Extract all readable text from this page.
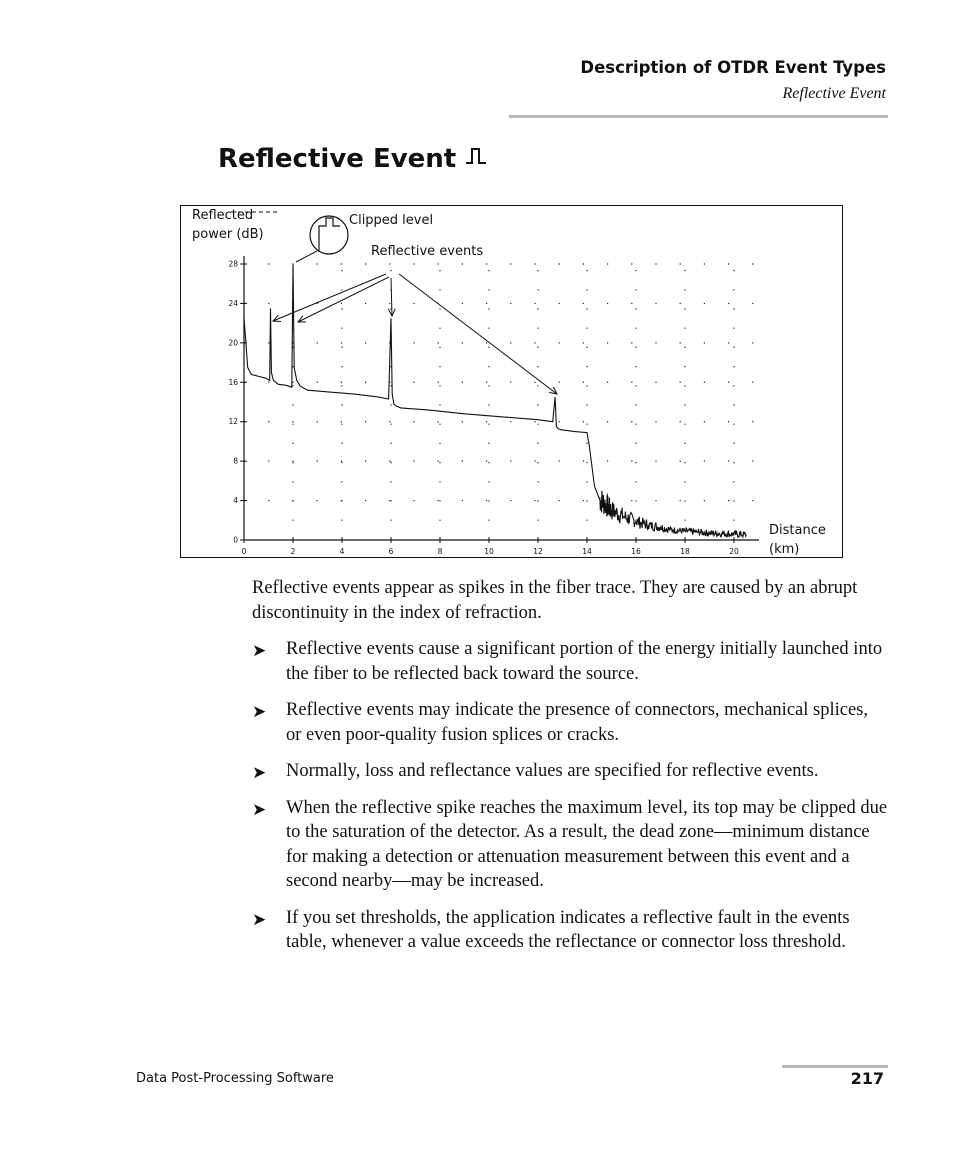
Description of OTDR Event Types
Reflective Event
Reflective Event
0	2	4	6	8	10	12	14	16	18	20
0
4
8
12
16
20
24
28
Reflected
power (dB)
Distance
(km)
Clipped level
Reflective events

Reflective events appear as spikes in the fiber trace. They are caused by an abrupt discontinuity in the index of refraction.

➤ Reflective events cause a significant portion of the energy initially launched into the fiber to be reflected back toward the source.
➤ Reflective events may indicate the presence of connectors, mechanical splices, or even poor-quality fusion splices or cracks.
➤ Normally, loss and reflectance values are specified for reflective events.
➤ When the reflective spike reaches the maximum level, its top may be clipped due to the saturation of the detector. As a result, the dead zone—minimum distance for making a detection or attenuation measurement between this event and a second nearby—may be increased.
➤ If you set thresholds, the application indicates a reflective fault in the events table, whenever a value exceeds the reflectance or connector loss threshold.
Data Post-Processing Software	217
